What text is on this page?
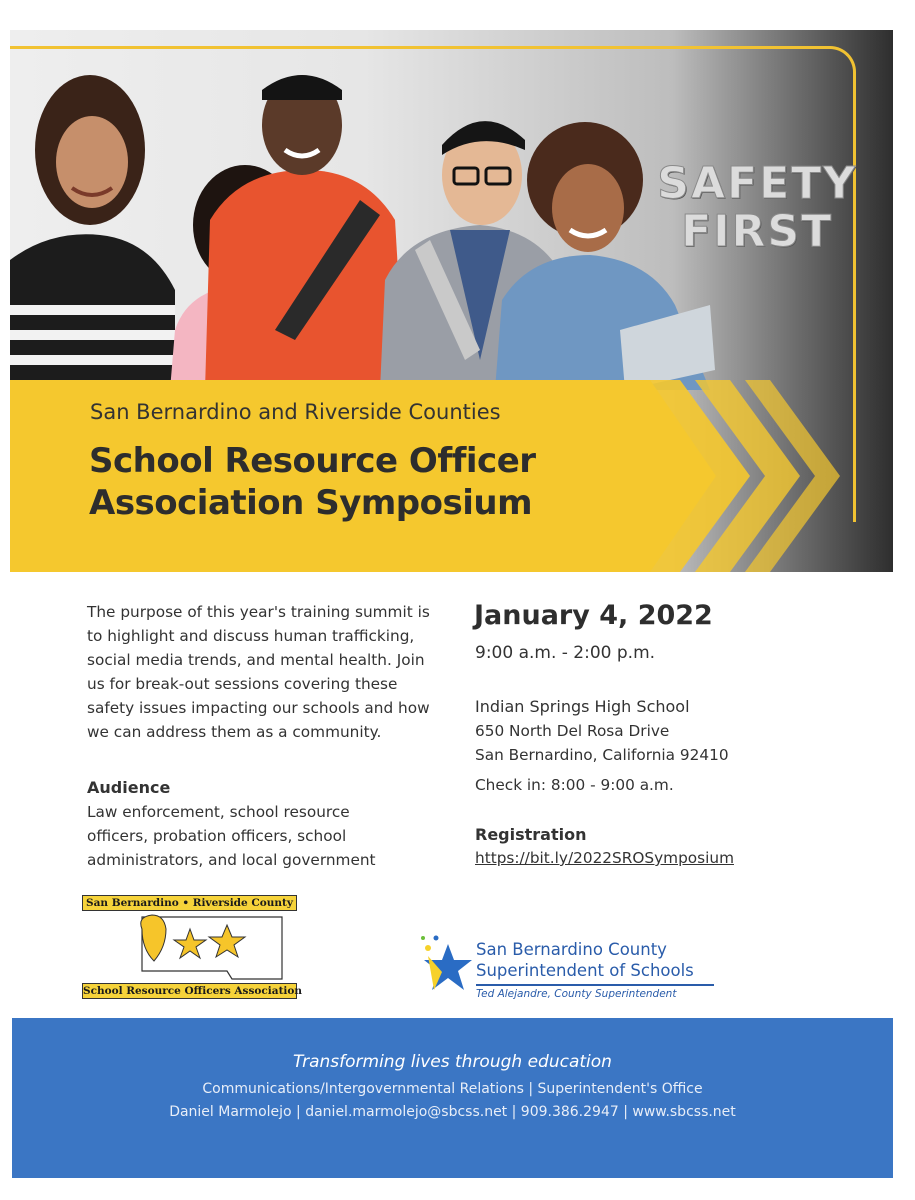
SAFETY
FIRST
San Bernardino and Riverside Counties
School Resource Officer
Association Symposium
The purpose of this year's training summit is to highlight and discuss human trafficking, social media trends, and mental health. Join us for break-out sessions covering these safety issues impacting our schools and how we can address them as a community.
Audience
Law enforcement, school resource officers, probation officers, school administrators, and local government
January 4, 2022
9:00 a.m. - 2:00 p.m.
Indian Springs High School
650 North Del Rosa Drive
San Bernardino, California 92410
Check in: 8:00 - 9:00 a.m.
Registration
https://bit.ly/2022SROSymposium
San Bernardino • Riverside County
School Resource Officers Association
San Bernardino County
Superintendent of Schools
Ted Alejandre, County Superintendent
Transforming lives through education
Communications/Intergovernmental Relations | Superintendent's Office
Daniel Marmolejo | daniel.marmolejo@sbcss.net | 909.386.2947 | www.sbcss.net
